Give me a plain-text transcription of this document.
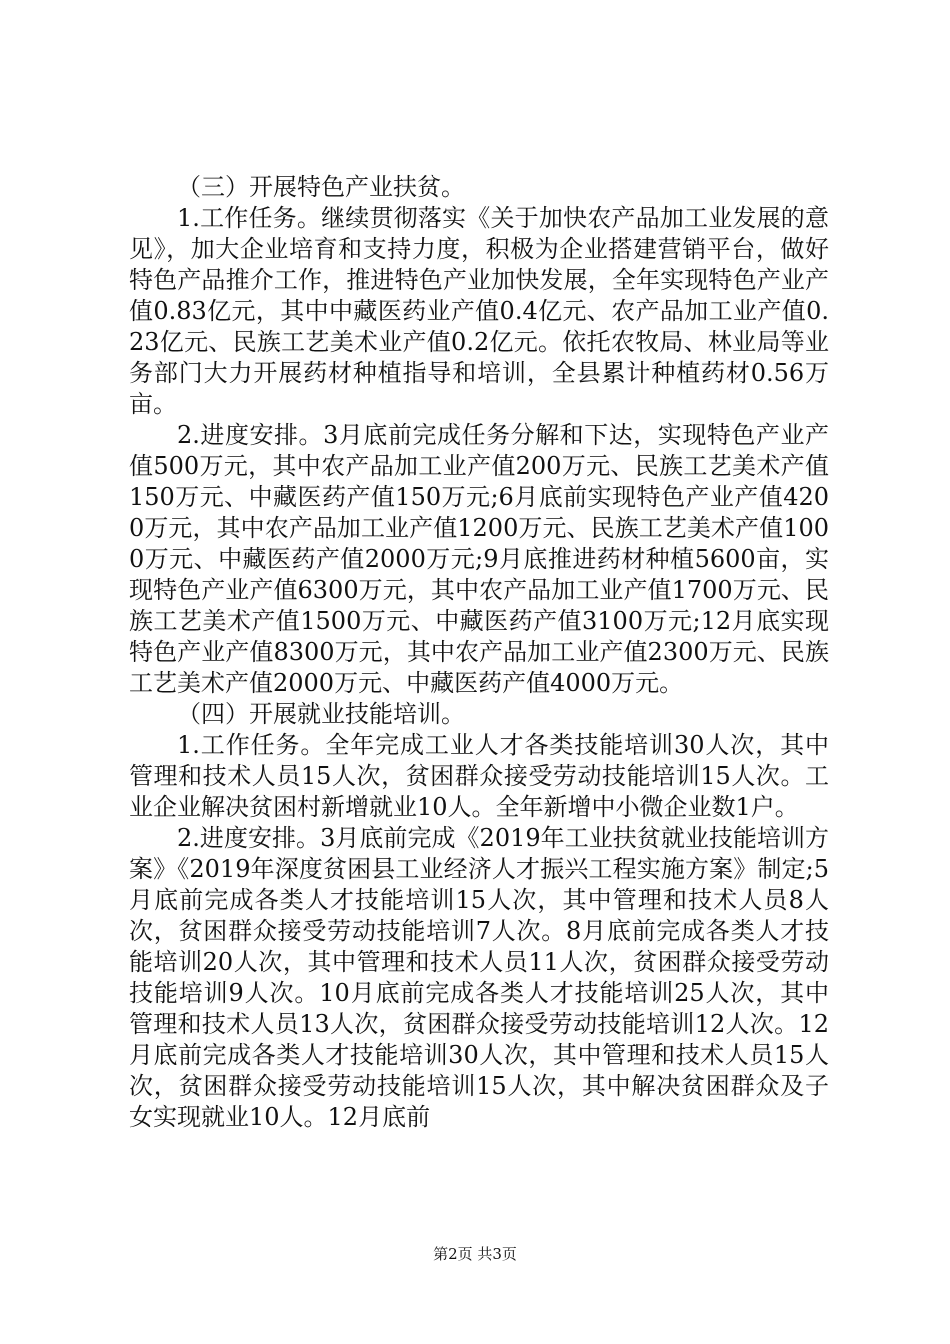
（三）开展特色产业扶贫。

1.工作任务。继续贯彻落实《关于加快农产品加工业发展的意见》，加大企业培育和支持力度，积极为企业搭建营销平台，做好特色产品推介工作，推进特色产业加快发展，全年实现特色产业产值0.83亿元，其中中藏医药业产值0.4亿元、农产品加工业产值0.23亿元、民族工艺美术业产值0.2亿元。依托农牧局、林业局等业务部门大力开展药材种植指导和培训，全县累计种植药材0.56万亩。

2.进度安排。3月底前完成任务分解和下达，实现特色产业产值500万元，其中农产品加工业产值200万元、民族工艺美术产值150万元、中藏医药产值150万元;6月底前实现特色产业产值4200万元，其中农产品加工业产值1200万元、民族工艺美术产值1000万元、中藏医药产值2000万元;9月底推进药材种植5600亩，实现特色产业产值6300万元，其中农产品加工业产值1700万元、民族工艺美术产值1500万元、中藏医药产值3100万元;12月底实现特色产业产值8300万元，其中农产品加工业产值2300万元、民族工艺美术产值2000万元、中藏医药产值4000万元。

（四）开展就业技能培训。

1.工作任务。全年完成工业人才各类技能培训30人次，其中管理和技术人员15人次，贫困群众接受劳动技能培训15人次。工业企业解决贫困村新增就业10人。全年新增中小微企业数1户。

2.进度安排。3月底前完成《2019年工业扶贫就业技能培训方案》《2019年深度贫困县工业经济人才振兴工程实施方案》制定;5月底前完成各类人才技能培训15人次，其中管理和技术人员8人次，贫困群众接受劳动技能培训7人次。8月底前完成各类人才技能培训20人次，其中管理和技术人员11人次，贫困群众接受劳动技能培训9人次。10月底前完成各类人才技能培训25人次，其中管理和技术人员13人次，贫困群众接受劳动技能培训12人次。12月底前完成各类人才技能培训30人次，其中管理和技术人员15人次，贫困群众接受劳动技能培训15人次，其中解决贫困群众及子女实现就业10人。12月底前

第2页 共3页
